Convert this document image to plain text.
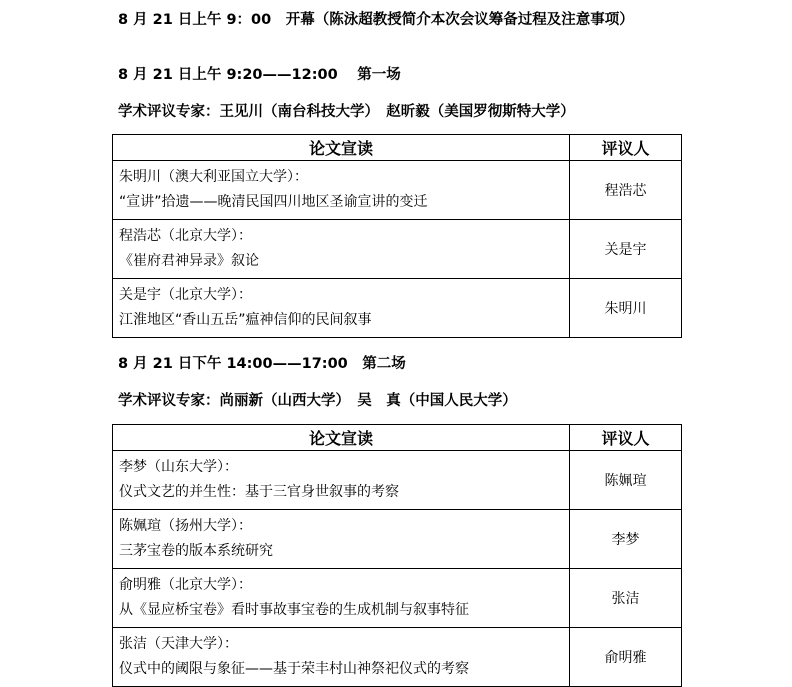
8 月 21 日上午 9：00　开幕（陈泳超教授简介本次会议筹备过程及注意事项）
8 月 21 日上午 9:20——12:00　 第一场
学术评议专家：王见川（南台科技大学）　赵昕毅（美国罗彻斯特大学）
论文宣读	评议人

朱明川（澳大利亚国立大学）：
“宣讲”拾遗——晚清民国四川地区圣谕宣讲的变迁	程浩芯

程浩芯（北京大学）：
《崔府君神异录》叙论	关是宇

关是宇（北京大学）：
江淮地区“香山五岳”瘟神信仰的民间叙事	朱明川
8 月 21 日下午 14:00——17:00　第二场
学术评议专家：尚丽新（山西大学）　吴　真（中国人民大学）
论文宣读	评议人

李梦（山东大学）：
仪式文艺的并生性：基于三官身世叙事的考察	陈姵瑄

陈姵瑄（扬州大学）：
三茅宝卷的版本系统研究	李梦

俞明雅（北京大学）：
从《显应桥宝卷》看时事故事宝卷的生成机制与叙事特征	张洁

张洁（天津大学）：
仪式中的阈限与象征——基于荣丰村山神祭祀仪式的考察	俞明雅
